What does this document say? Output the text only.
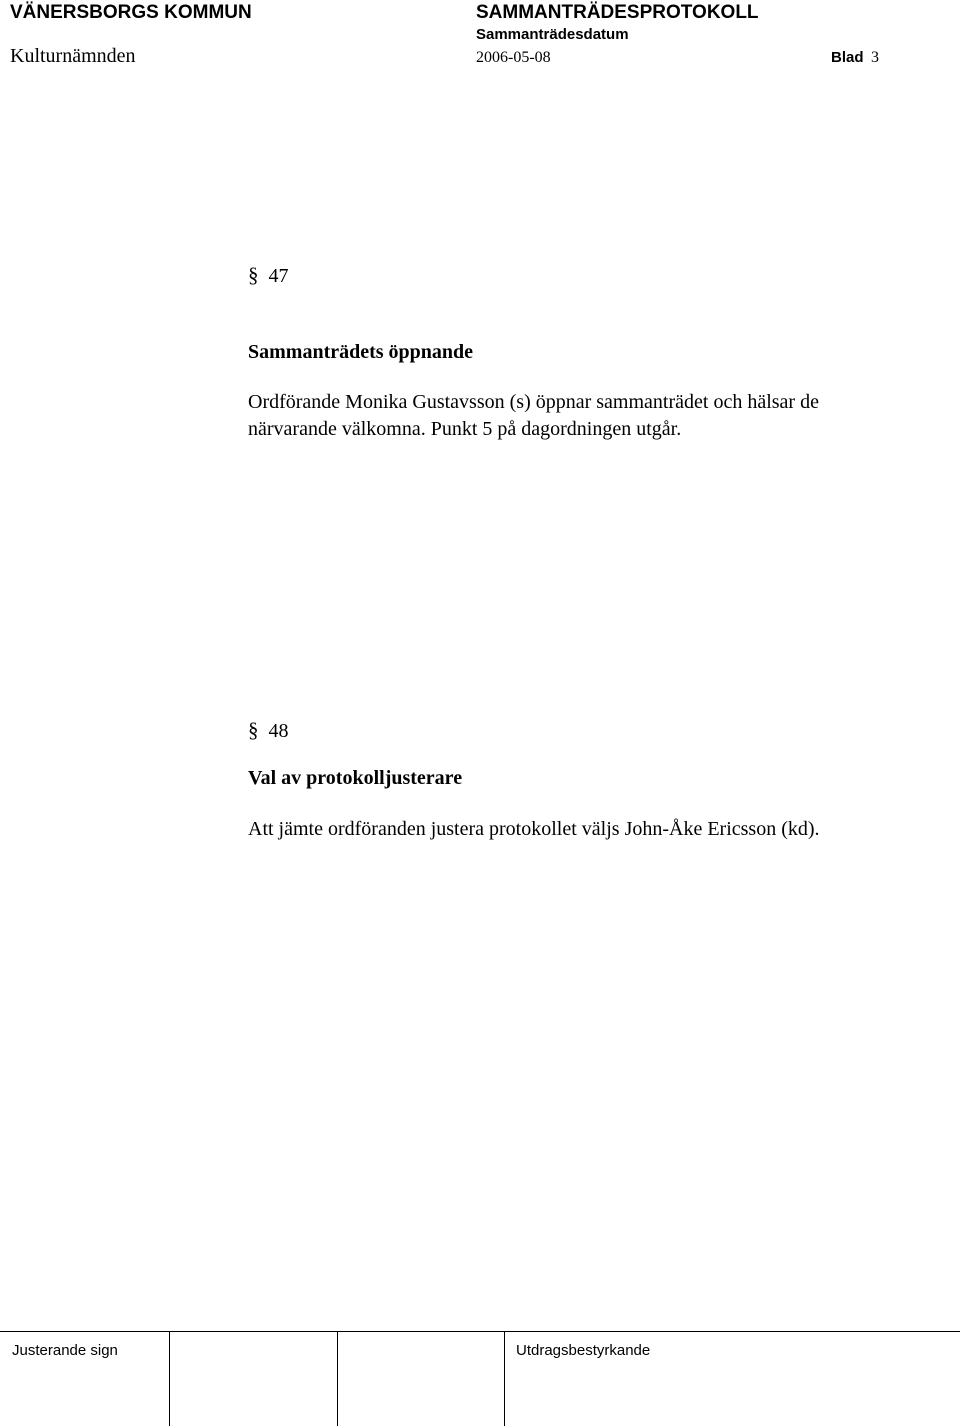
VÄNERSBORGS KOMMUN	SAMMANTRÄDESPROTOKOLL
Sammanträdesdatum
Kulturnämnden	2006-05-08	Blad 3
§ 47
Sammanträdets öppnande
Ordförande Monika Gustavsson (s) öppnar sammanträdet och hälsar de
närvarande välkomna. Punkt 5 på dagordningen utgår.
§ 48
Val av protokolljusterare
Att jämte ordföranden justera protokollet väljs John-Åke Ericsson (kd).
Justerande sign	Utdragsbestyrkande
